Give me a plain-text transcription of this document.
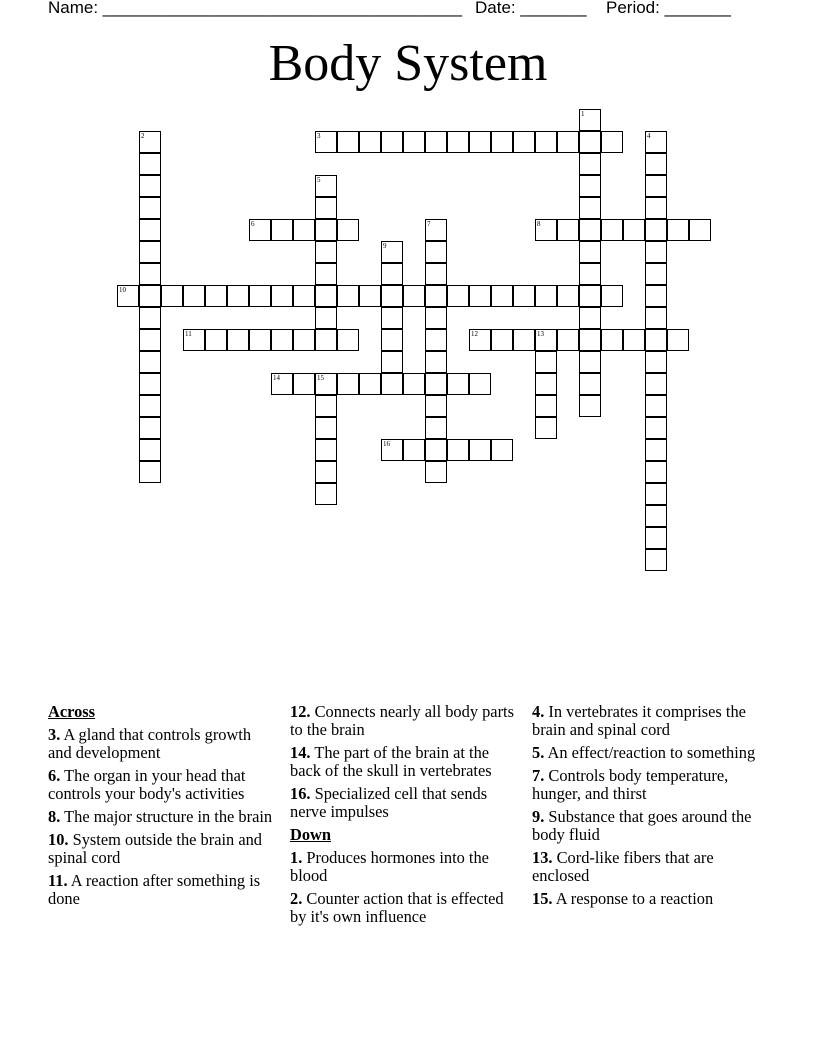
Name: ______________________________________

Date: _______

Period: _______

Body System
1
2	3	4
5
6	7	8
9
10
11	12	13
14	15
16
Across
3. A gland that controls growth and development
6. The organ in your head that controls your body's activities
8. The major structure in the brain
10. System outside the brain and spinal cord
11. A reaction after something is done
12. Connects nearly all body parts to the brain
14. The part of the brain at the back of the skull in vertebrates
16. Specialized cell that sends nerve impulses
Down
1. Produces hormones into the blood
2. Counter action that is effected by it's own influence
4. In vertebrates it comprises the brain and spinal cord
5. An effect/reaction to something
7. Controls body temperature, hunger, and thirst
9. Substance that goes around the body fluid
13. Cord-like fibers that are enclosed
15. A response to a reaction
